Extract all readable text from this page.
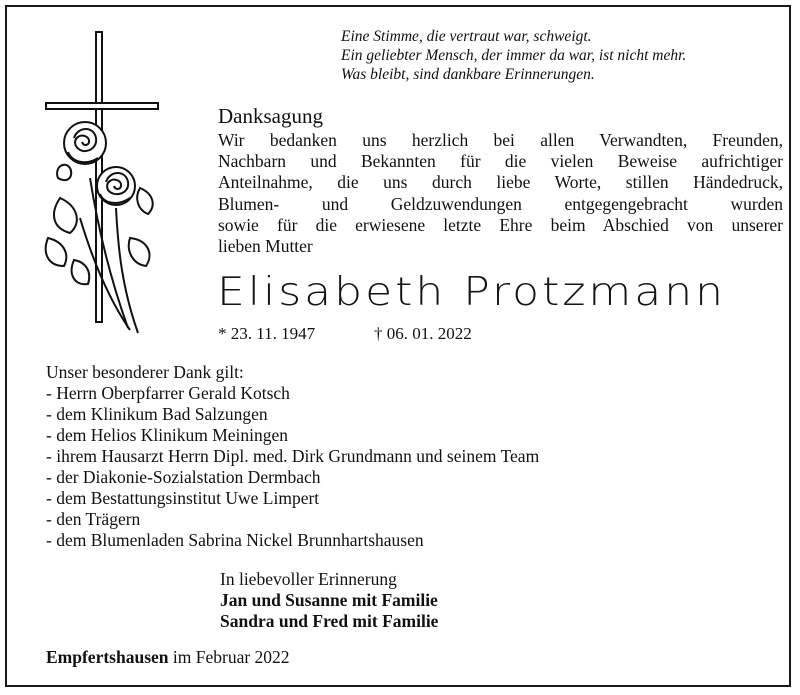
Eine Stimme, die vertraut war, schweigt.
Ein geliebter Mensch, der immer da war, ist nicht mehr.
Was bleibt, sind dankbare Erinnerungen.
Danksagung
Wir bedanken uns herzlich bei allen Verwandten, Freunden,
Nachbarn und Bekannten für die vielen Beweise aufrichtiger
Anteilnahme, die uns durch liebe Worte, stillen Händedruck,
Blumen- und Geldzuwendungen entgegengebracht wurden
sowie für die erwiesene letzte Ehre beim Abschied von unserer
lieben Mutter
Elisabeth Protzmann
* 23. 11. 1947	† 06. 01. 2022
Unser besonderer Dank gilt:
- Herrn Oberpfarrer Gerald Kotsch
- dem Klinikum Bad Salzungen
- dem Helios Klinikum Meiningen
- ihrem Hausarzt Herrn Dipl. med. Dirk Grundmann und seinem Team
- der Diakonie-Sozialstation Dermbach
- dem Bestattungsinstitut Uwe Limpert
- den Trägern
- dem Blumenladen Sabrina Nickel Brunnhartshausen
In liebevoller Erinnerung
Jan und Susanne mit Familie
Sandra und Fred mit Familie
Empfertshausen im Februar 2022
